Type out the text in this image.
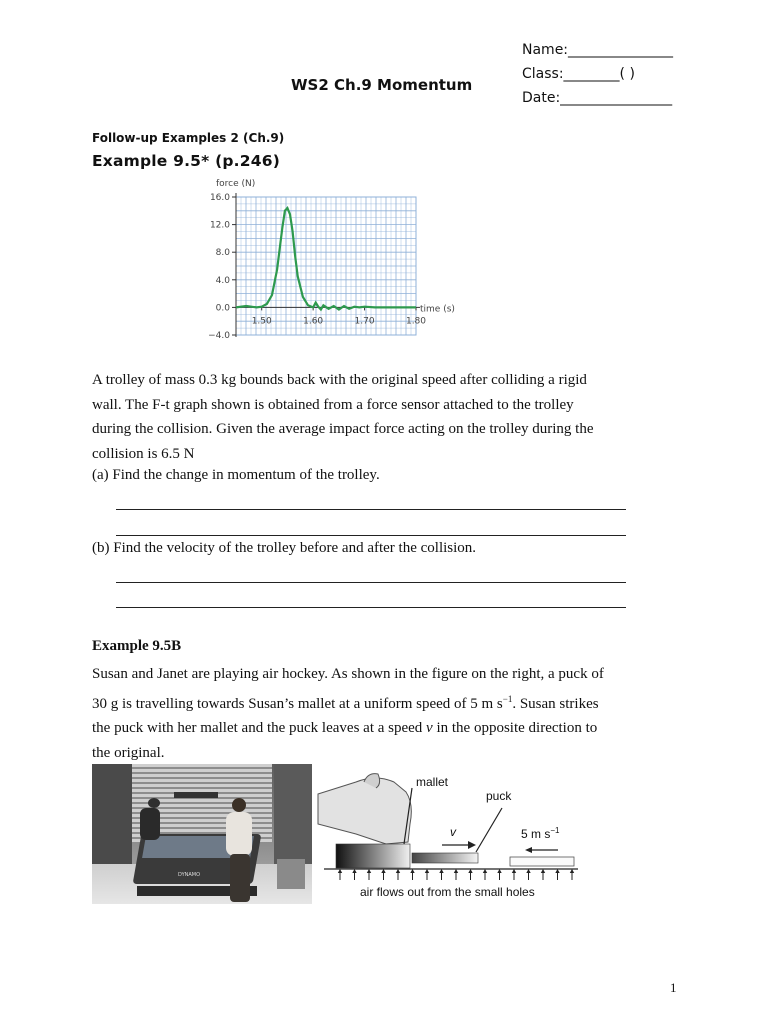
Name:_______________
Class:________( )
Date:________________
WS2 Ch.9 Momentum
Follow-up Examples 2 (Ch.9)
Example 9.5* (p.246)
force (N)
time (s)
16.0
12.0
8.0
4.0
0.0
−4.0
1.50	1.60	1.70	1.80
A trolley of mass 0.3 kg bounds back with the original speed after colliding a rigid
wall. The F-t graph shown is obtained from a force sensor attached to the trolley
during the collision. Given the average impact force acting on the trolley during the
collision is 6.5 N
(a) Find the change in momentum of the trolley.
(b) Find the velocity of the trolley before and after the collision.
Example 9.5B
Susan and Janet are playing air hockey. As shown in the figure on the right, a puck of
30 g is travelling towards Susan’s mallet at a uniform speed of 5 m $s^{-1}$. Susan strikes
the puck with her mallet and the puck leaves at a speed v in the opposite direction to
the original.
DYNAMO
mallet
puck
v	5 m $s^{-1}$
air flows out from the small holes
1
